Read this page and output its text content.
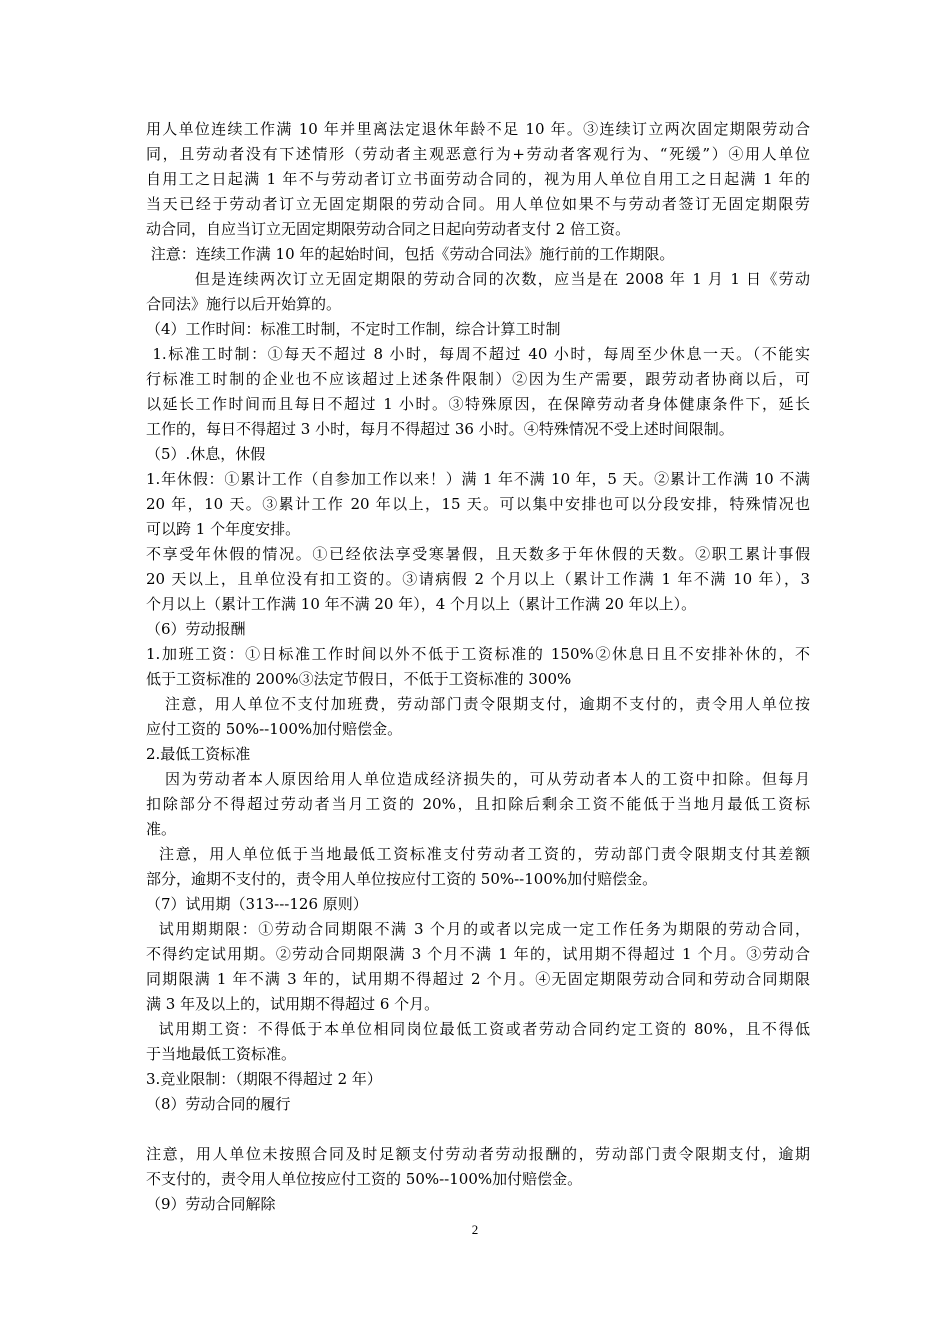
用人单位连续工作满 10 年并里离法定退休年龄不足 10 年。③连续订立两次固定期限劳动合
同，且劳动者没有下述情形（劳动者主观恶意行为+劳动者客观行为、“死缓”）④用人单位
自用工之日起满 1 年不与劳动者订立书面劳动合同的，视为用人单位自用工之日起满 1 年的
当天已经于劳动者订立无固定期限的劳动合同。用人单位如果不与劳动者签订无固定期限劳
动合同，自应当订立无固定期限劳动合同之日起向劳动者支付 2 倍工资。
注意：连续工作满 10 年的起始时间，包括《劳动合同法》施行前的工作期限。
但是连续两次订立无固定期限的劳动合同的次数，应当是在 2008 年 1 月 1 日《劳动
合同法》施行以后开始算的。
（4）工作时间：标准工时制，不定时工作制，综合计算工时制
1.标准工时制：①每天不超过 8 小时，每周不超过 40 小时，每周至少休息一天。（不能实
行标准工时制的企业也不应该超过上述条件限制）②因为生产需要，跟劳动者协商以后，可
以延长工作时间而且每日不超过 1 小时。③特殊原因，在保障劳动者身体健康条件下，延长
工作的，每日不得超过 3 小时，每月不得超过 36 小时。④特殊情况不受上述时间限制。
（5）.休息，休假
1.年休假：①累计工作（自参加工作以来！）满 1 年不满 10 年，5 天。②累计工作满 10 不满
20 年，10 天。③累计工作 20 年以上，15 天。可以集中安排也可以分段安排，特殊情况也
可以跨 1 个年度安排。
不享受年休假的情况。①已经依法享受寒暑假，且天数多于年休假的天数。②职工累计事假
20 天以上，且单位没有扣工资的。③请病假 2 个月以上（累计工作满 1 年不满 10 年），3
个月以上（累计工作满 10 年不满 20 年），4 个月以上（累计工作满 20 年以上）。
（6）劳动报酬
1.加班工资：①日标准工作时间以外不低于工资标准的 150%②休息日且不安排补休的，不
低于工资标准的 200%③法定节假日，不低于工资标准的 300%
注意，用人单位不支付加班费，劳动部门责令限期支付，逾期不支付的，责令用人单位按
应付工资的 50%--100%加付赔偿金。
2.最低工资标准
因为劳动者本人原因给用人单位造成经济损失的，可从劳动者本人的工资中扣除。但每月
扣除部分不得超过劳动者当月工资的 20%，且扣除后剩余工资不能低于当地月最低工资标
准。
注意，用人单位低于当地最低工资标准支付劳动者工资的，劳动部门责令限期支付其差额
部分，逾期不支付的，责令用人单位按应付工资的 50%--100%加付赔偿金。
（7）试用期（313---126 原则）
试用期期限：①劳动合同期限不满 3 个月的或者以完成一定工作任务为期限的劳动合同，
不得约定试用期。②劳动合同期限满 3 个月不满 1 年的，试用期不得超过 1 个月。③劳动合
同期限满 1 年不满 3 年的，试用期不得超过 2 个月。④无固定期限劳动合同和劳动合同期限
满 3 年及以上的，试用期不得超过 6 个月。
试用期工资：不得低于本单位相同岗位最低工资或者劳动合同约定工资的 80%，且不得低
于当地最低工资标准。
3.竞业限制：（期限不得超过 2 年）
（8）劳动合同的履行
注意，用人单位未按照合同及时足额支付劳动者劳动报酬的，劳动部门责令限期支付，逾期
不支付的，责令用人单位按应付工资的 50%--100%加付赔偿金。
（9）劳动合同解除
2
